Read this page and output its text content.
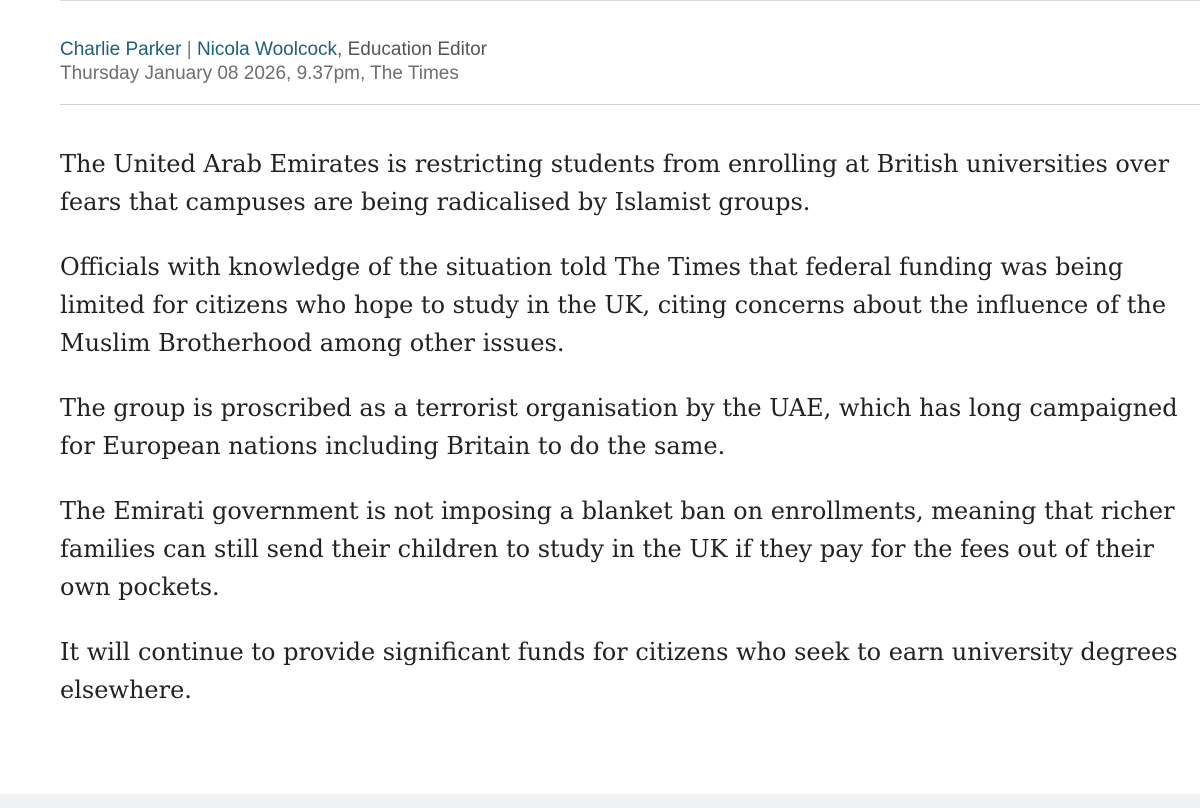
Charlie Parker | Nicola Woolcock, Education Editor
Thursday January 08 2026, 9.37pm, The Times

The United Arab Emirates is restricting students from enrolling at British universities over fears that campuses are being radicalised by Islamist groups.

Officials with knowledge of the situation told The Times that federal funding was being limited for citizens who hope to study in the UK, citing concerns about the influence of the Muslim Brotherhood among other issues.

The group is proscribed as a terrorist organisation by the UAE, which has long campaigned for European nations including Britain to do the same.

The Emirati government is not imposing a blanket ban on enrollments, meaning that richer families can still send their children to study in the UK if they pay for the fees out of their own pockets.

It will continue to provide significant funds for citizens who seek to earn university degrees elsewhere.
